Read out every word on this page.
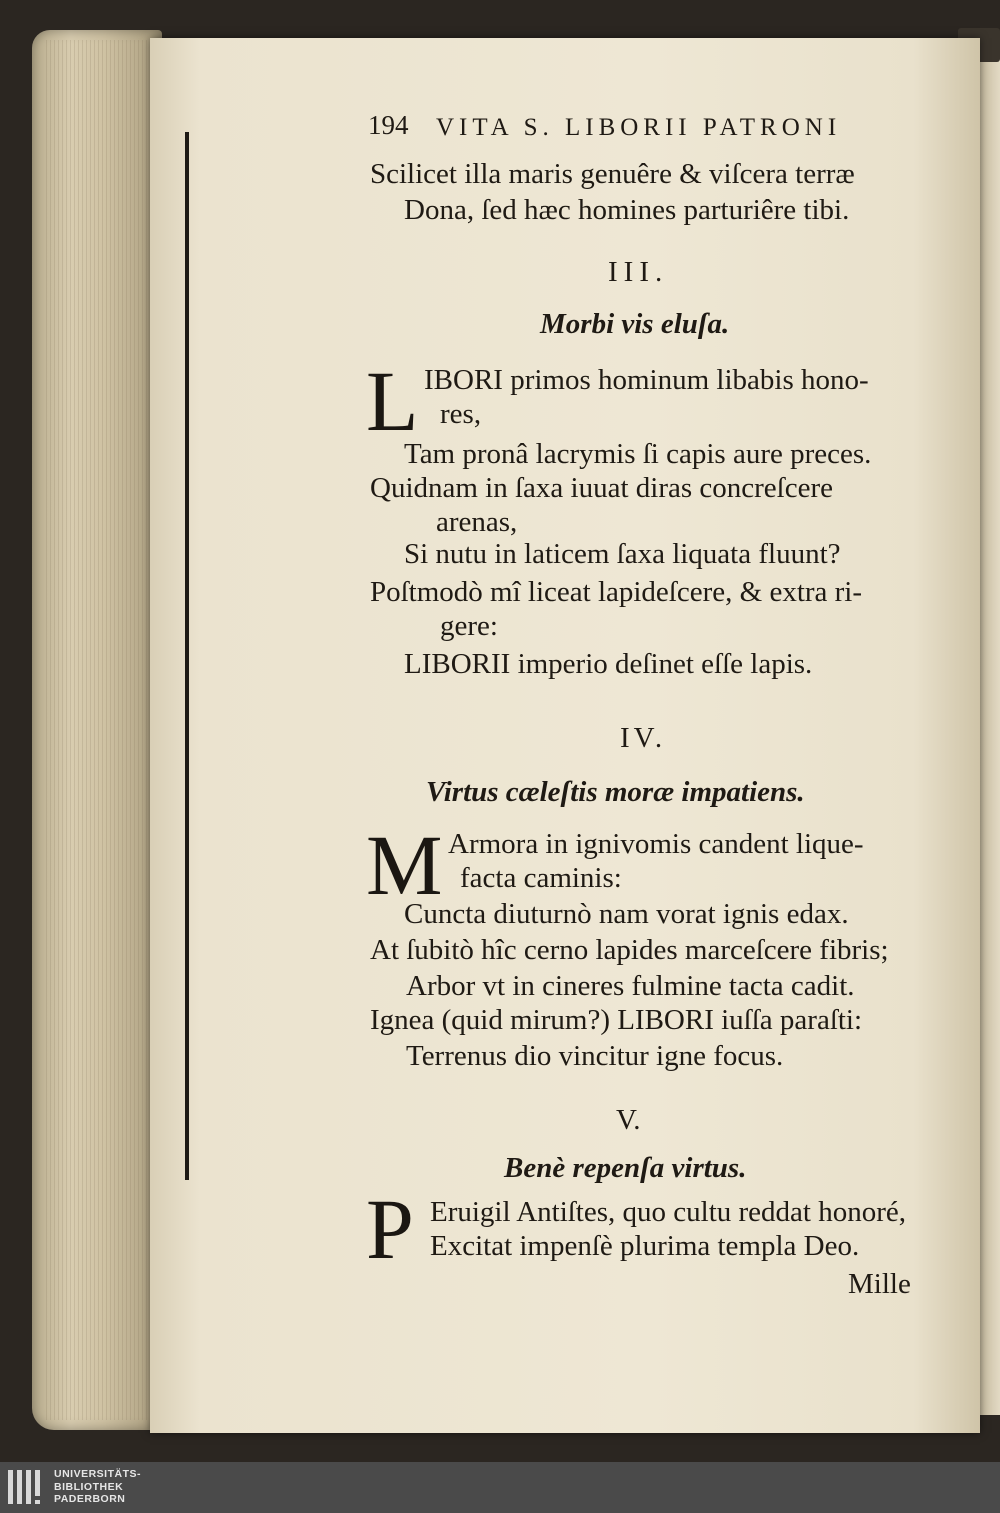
194 VITA S. LIBORII PATRONI
Scilicet illa maris genuêre & viſcera terræ
Dona, ſed hæc homines parturiêre tibi.
III.
Morbi vis eluſa.
L IBORI primos hominum libabis hono-
res,
Tam pronâ lacrymis ſi capis aure preces.
Quidnam in ſaxa iuuat diras concreſcere
arenas,
Si nutu in laticem ſaxa liquata fluunt?
Poſtmodò mî liceat lapideſcere, & extra ri-
gere:
LIBORII imperio deſinet eſſe lapis.
IV.
Virtus cæleſtis moræ impatiens.
M Armora in ignivomis candent lique-
facta caminis:
Cuncta diuturnò nam vorat ignis edax.
At ſubitò hîc cerno lapides marceſcere fibris;
Arbor vt in cineres fulmine tacta cadit.
Ignea (quid mirum?) LIBORI iuſſa paraſti:
Terrenus dio vincitur igne focus.
V.
Benè repenſa virtus.
P Eruigil Antiſtes, quo cultu reddat honoré,
Excitat impenſè plurima templa Deo.
Mille
UNIVERSITÄTS-
BIBLIOTHEK
PADERBORN
